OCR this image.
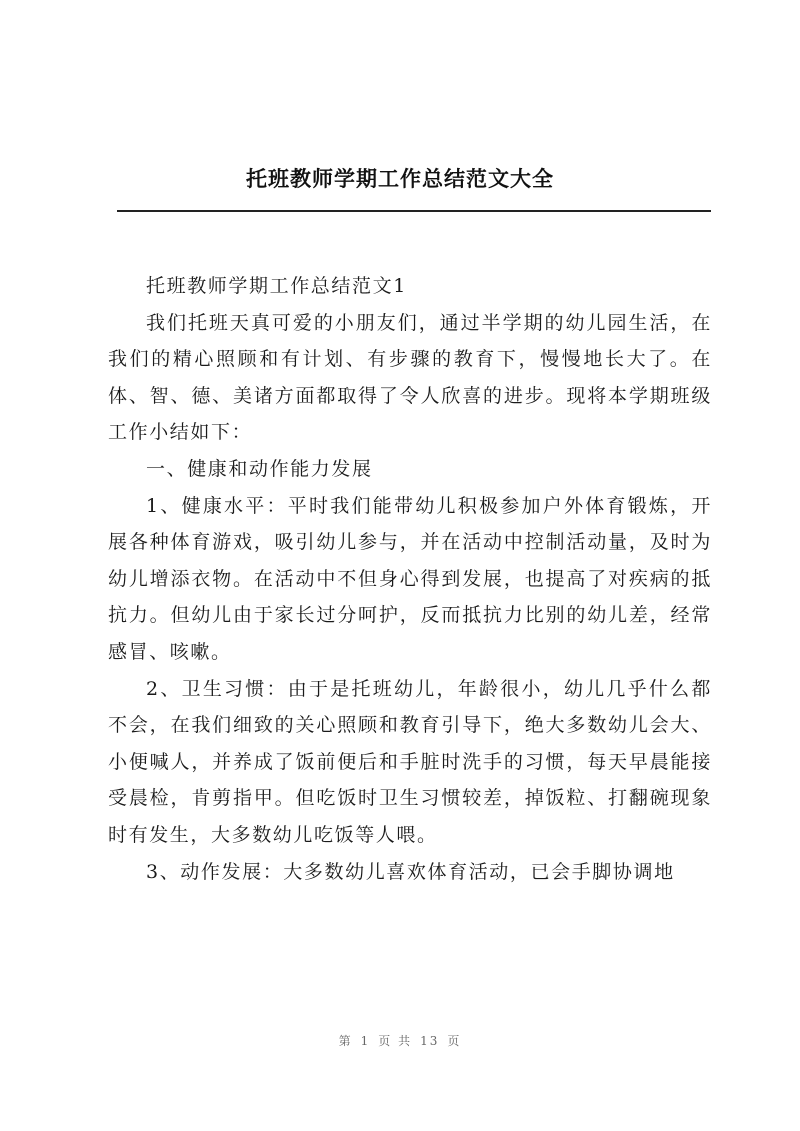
托班教师学期工作总结范文大全

托班教师学期工作总结范文1

我们托班天真可爱的小朋友们，通过半学期的幼儿园生活，在我们的精心照顾和有计划、有步骤的教育下，慢慢地长大了。在体、智、德、美诸方面都取得了令人欣喜的进步。现将本学期班级工作小结如下：

一、健康和动作能力发展

1、健康水平：平时我们能带幼儿积极参加户外体育锻炼，开展各种体育游戏，吸引幼儿参与，并在活动中控制活动量，及时为幼儿增添衣物。在活动中不但身心得到发展，也提高了对疾病的抵抗力。但幼儿由于家长过分呵护，反而抵抗力比别的幼儿差，经常感冒、咳嗽。

2、卫生习惯：由于是托班幼儿，年龄很小，幼儿几乎什么都不会，在我们细致的关心照顾和教育引导下，绝大多数幼儿会大、小便喊人，并养成了饭前便后和手脏时洗手的习惯，每天早晨能接受晨检，肯剪指甲。但吃饭时卫生习惯较差，掉饭粒、打翻碗现象时有发生，大多数幼儿吃饭等人喂。

3、动作发展：大多数幼儿喜欢体育活动，已会手脚协调地

第 1 页 共 13 页
